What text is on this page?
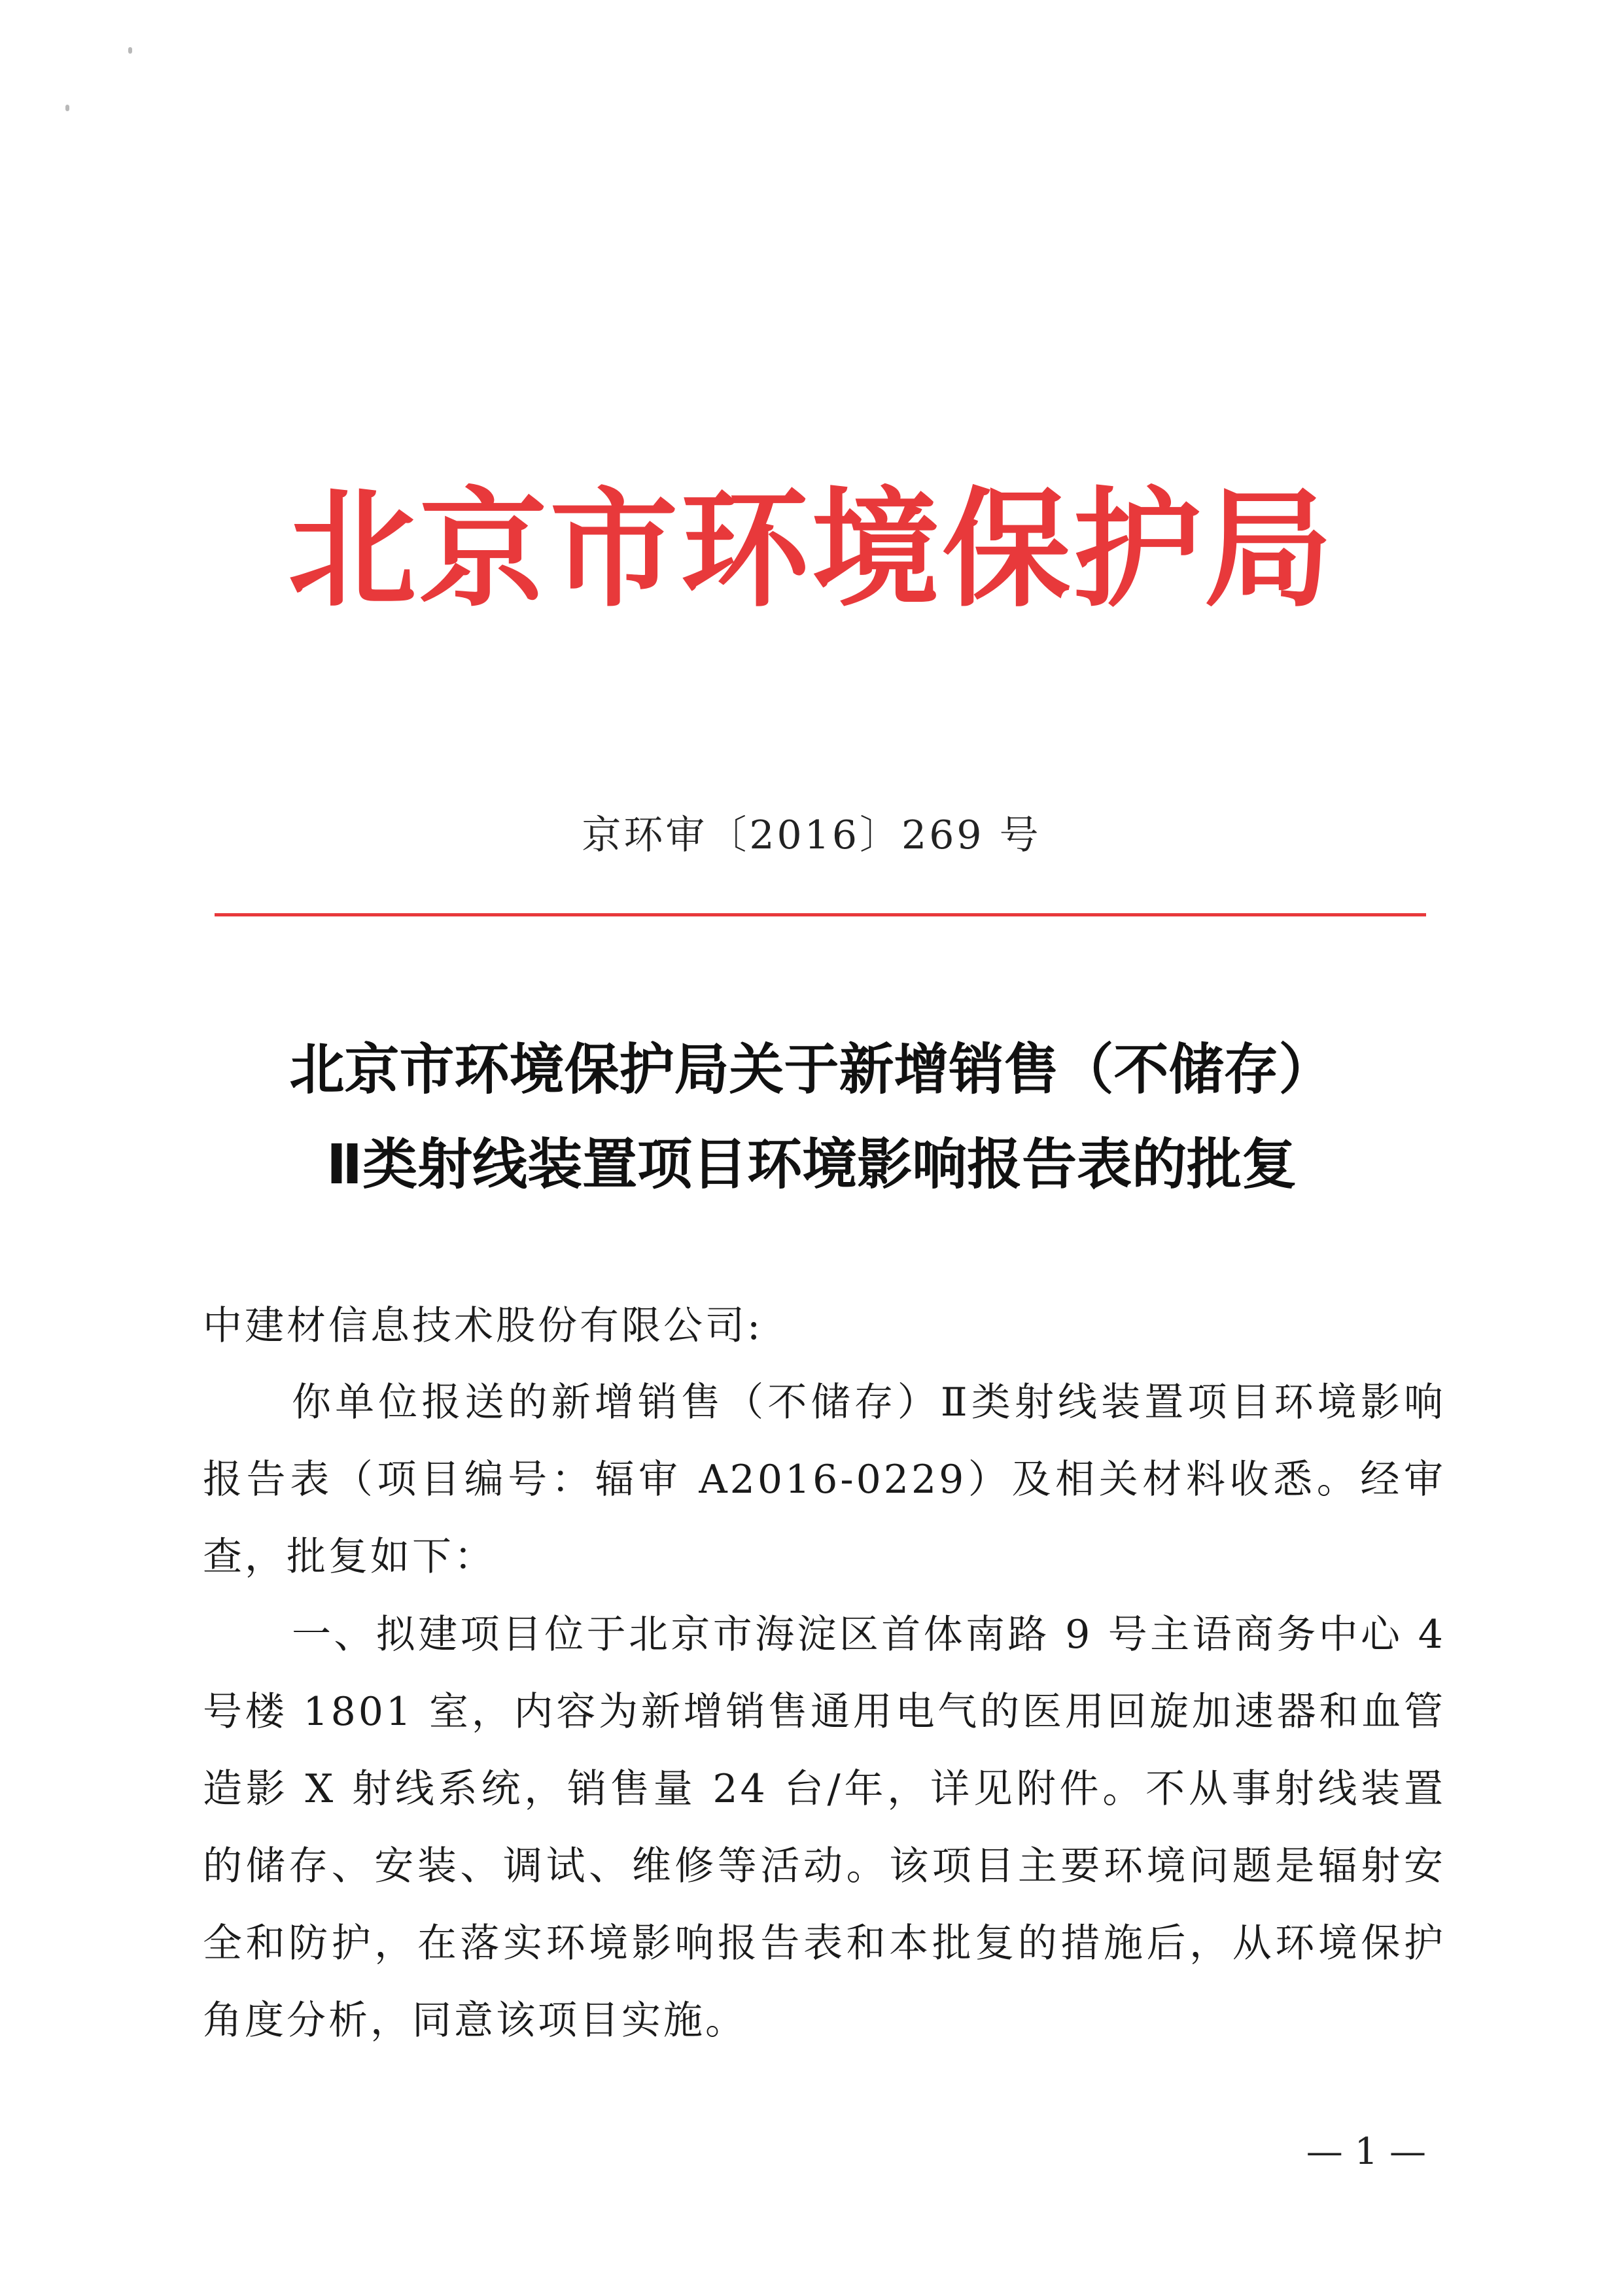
北京市环境保护局
京环审〔2016〕269 号
北京市环境保护局关于新增销售（不储存）
Ⅱ类射线装置项目环境影响报告表的批复
中建材信息技术股份有限公司:
你单位报送的新增销售（不储存）Ⅱ类射线装置项目环境影响报告表（项目编号：辐审 A2016-0229）及相关材料收悉。经审查，批复如下：
一、拟建项目位于北京市海淀区首体南路 9 号主语商务中心 4 号楼 1801 室，内容为新增销售通用电气的医用回旋加速器和血管造影 X 射线系统，销售量 24 台/年，详见附件。不从事射线装置的储存、安装、调试、维修等活动。该项目主要环境问题是辐射安全和防护，在落实环境影响报告表和本批复的措施后，从环境保护角度分析，同意该项目实施。
— 1 —
